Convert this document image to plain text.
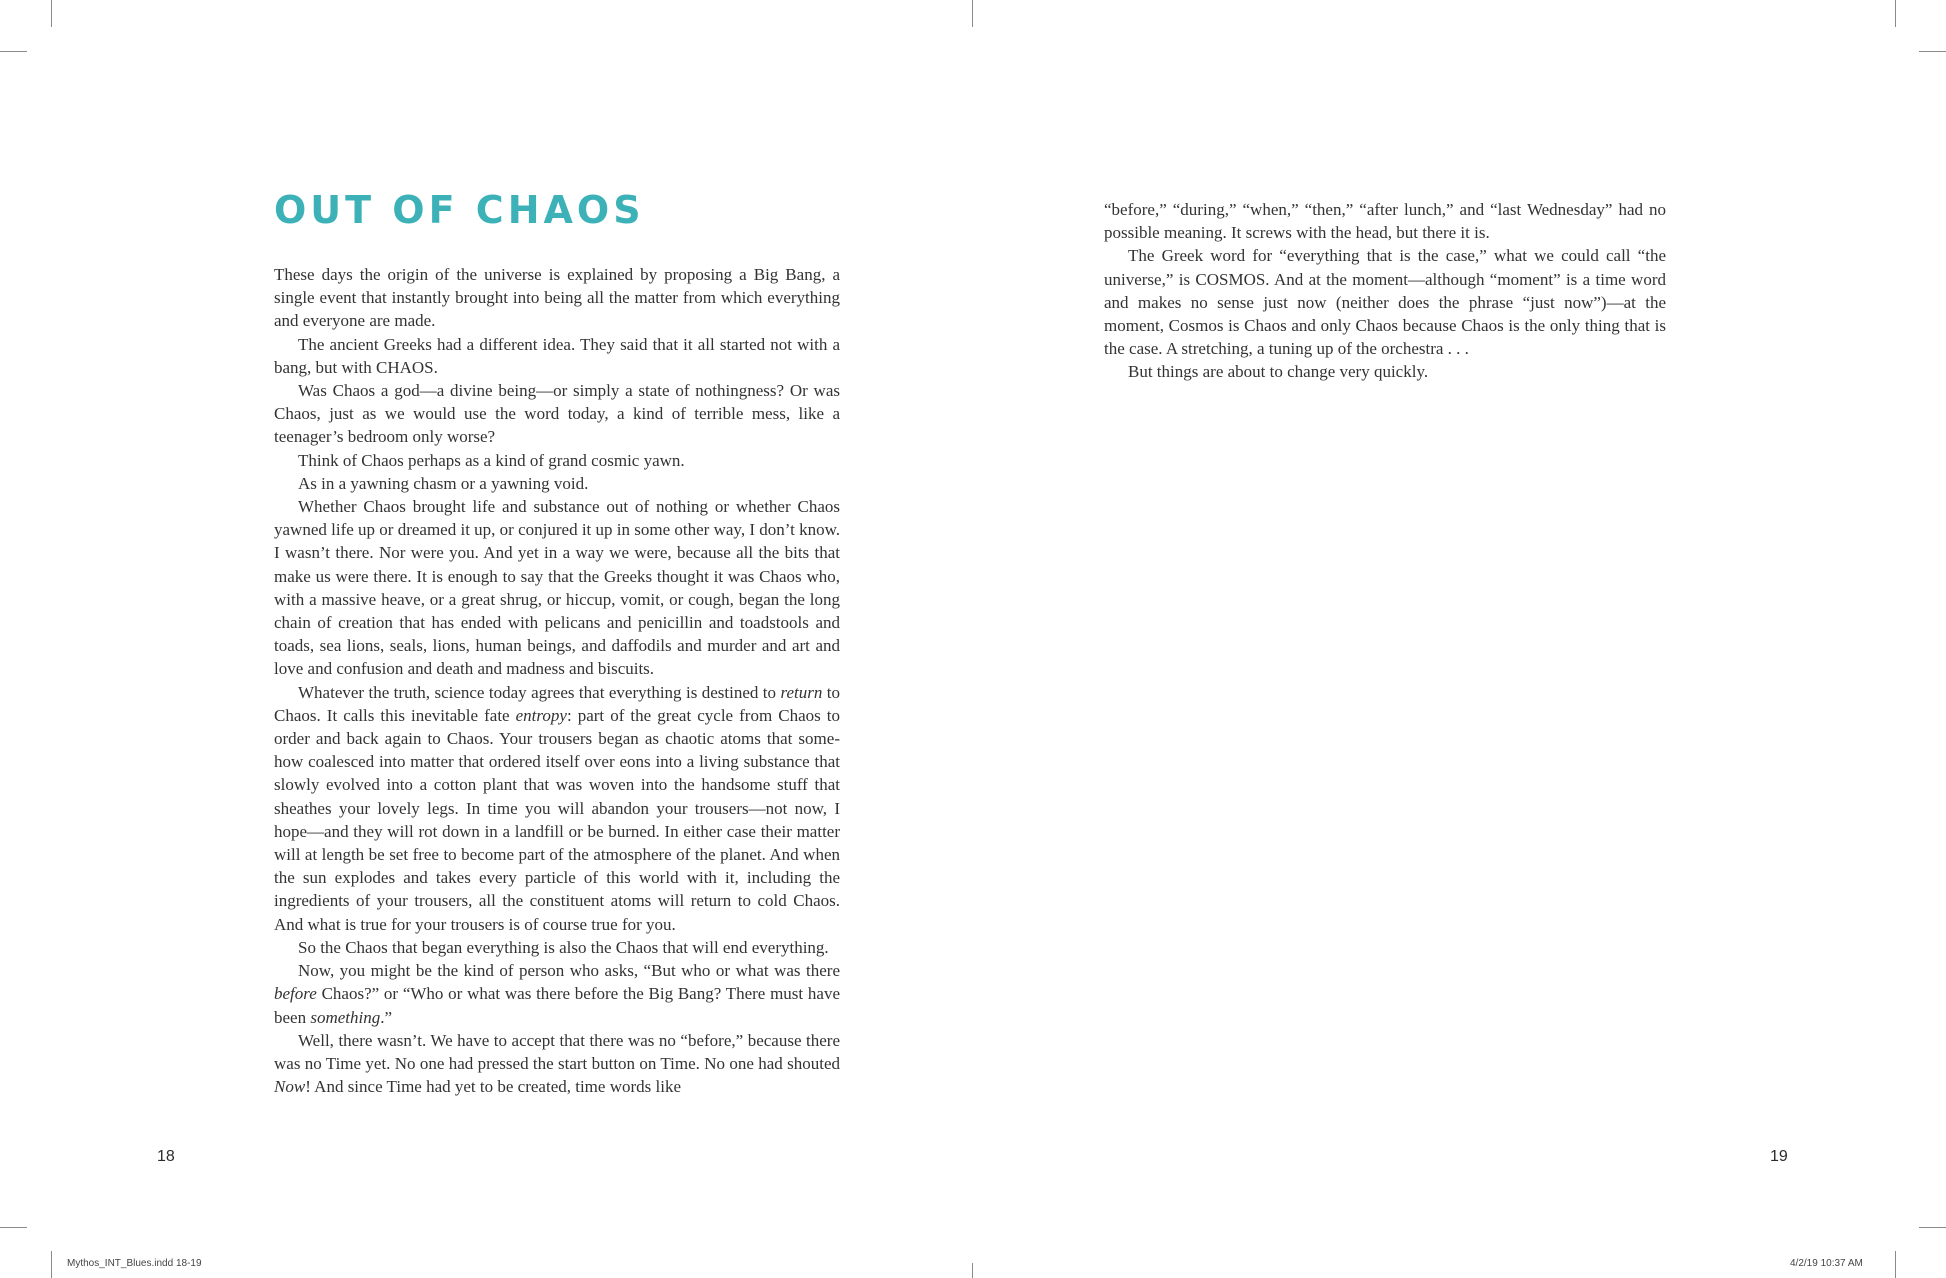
OUT OF CHAOS

These days the origin of the universe is explained by proposing a Big Bang, a single event that instantly brought into being all the matter from which everything and everyone are made.

The ancient Greeks had a different idea. They said that it all started not with a bang, but with CHAOS.

Was Chaos a god—a divine being—or simply a state of nothingness? Or was Chaos, just as we would use the word today, a kind of terrible mess, like a teenager’s bedroom only worse?

Think of Chaos perhaps as a kind of grand cosmic yawn.

As in a yawning chasm or a yawning void.

Whether Chaos brought life and substance out of nothing or whether Chaos yawned life up or dreamed it up, or conjured it up in some other way, I don’t know. I wasn’t there. Nor were you. And yet in a way we were, because all the bits that make us were there. It is enough to say that the Greeks thought it was Chaos who, with a massive heave, or a great shrug, or hiccup, vomit, or cough, began the long chain of creation that has ended with pelicans and penicillin and toadstools and toads, sea lions, seals, lions, human beings, and daffodils and murder and art and love and confusion and death and madness and biscuits.

Whatever the truth, science today agrees that everything is destined to return to Chaos. It calls this inevitable fate entropy: part of the great cycle from Chaos to order and back again to Chaos. Your trousers began as chaotic atoms that somehow coalesced into matter that ordered itself over eons into a living substance that slowly evolved into a cotton plant that was woven into the handsome stuff that sheathes your lovely legs. In time you will abandon your trousers—not now, I hope—and they will rot down in a landfill or be burned. In either case their matter will at length be set free to become part of the atmosphere of the planet. And when the sun explodes and takes every particle of this world with it, including the ingredients of your trousers, all the constituent atoms will return to cold Chaos. And what is true for your trousers is of course true for you.

So the Chaos that began everything is also the Chaos that will end everything.

Now, you might be the kind of person who asks, “But who or what was there before Chaos?” or “Who or what was there before the Big Bang? There must have been something.”

Well, there wasn’t. We have to accept that there was no “before,” because there was no Time yet. No one had pressed the start button on Time. No one had shouted Now! And since Time had yet to be created, time words like

“before,” “during,” “when,” “then,” “after lunch,” and “last Wednesday” had no possible meaning. It screws with the head, but there it is.

The Greek word for “everything that is the case,” what we could call “the universe,” is COSMOS. And at the moment—although “moment” is a time word and makes no sense just now (neither does the phrase “just now”)—at the moment, Cosmos is Chaos and only Chaos because Chaos is the only thing that is the case. A stretching, a tuning up of the orchestra . . .

But things are about to change very quickly.

18	19
Mythos_INT_Blues.indd 18-19	4/2/19 10:37 AM
